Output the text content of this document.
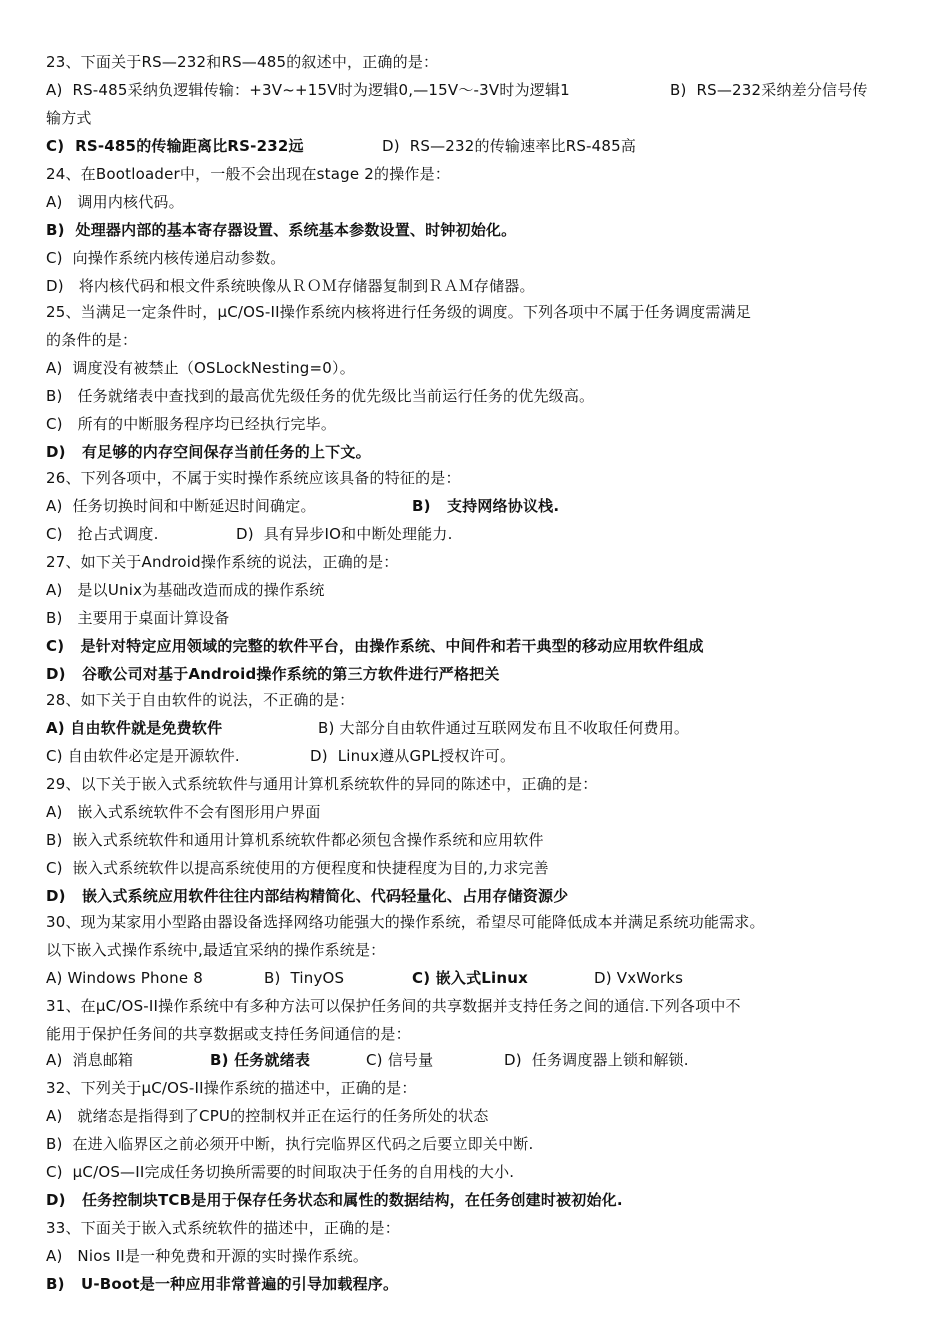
23、下面关于RS—232和RS—485的叙述中，正确的是：

A)  RS-485采纳负逻辑传输：+3V~+15V时为逻辑0,—15V～-3V时为逻辑1

	B)  RS—232采纳差分信号传

输方式

C)  RS-485的传输距离比RS-232远

	D)  RS—232的传输速率比RS-485高

24、在Bootloader中，一般不会出现在stage 2的操作是：
A)   调用内核代码。
B)  处理器内部的基本寄存器设置、系统基本参数设置、时钟初始化。
C)  向操作系统内核传递启动参数。
D)   将内核代码和根文件系统映像从ＲＯＭ存储器复制到ＲＡＭ存储器。
25、当满足一定条件时，μC/OS-II操作系统内核将进行任务级的调度。下列各项中不属于任务调度需满足
的条件的是：
A)  调度没有被禁止（OSLockNesting=0）。
B)   任务就绪表中查找到的最高优先级任务的优先级比当前运行任务的优先级高。
C)   所有的中断服务程序均已经执行完毕。
D)   有足够的内存空间保存当前任务的上下文。
26、下列各项中，不属于实时操作系统应该具备的特征的是：

A)  任务切换时间和中断延迟时间确定。

	B)   支持网络协议栈.

C)   抢占式调度.

	D)  具有异步IO和中断处理能力.

27、如下关于Android操作系统的说法，正确的是：
A)   是以Unix为基础改造而成的操作系统
B)   主要用于桌面计算设备
C)   是针对特定应用领域的完整的软件平台，由操作系统、中间件和若干典型的移动应用软件组成
D)   谷歌公司对基于Android操作系统的第三方软件进行严格把关
28、如下关于自由软件的说法，不正确的是：

A) 自由软件就是免费软件

	B) 大部分自由软件通过互联网发布且不收取任何费用。

C) 自由软件必定是开源软件.

	D)  Linux遵从GPL授权许可。

29、以下关于嵌入式系统软件与通用计算机系统软件的异同的陈述中，正确的是：
A)   嵌入式系统软件不会有图形用户界面
B)  嵌入式系统软件和通用计算机系统软件都必须包含操作系统和应用软件
C)  嵌入式系统软件以提高系统使用的方便程度和快捷程度为目的,力求完善
D)   嵌入式系统应用软件往往内部结构精简化、代码轻量化、占用存储资源少
30、现为某家用小型路由器设备选择网络功能强大的操作系统，希望尽可能降低成本并满足系统功能需求。
以下嵌入式操作系统中,最适宜采纳的操作系统是：

A) Windows Phone 8

	B)  TinyOS

	C) 嵌入式Linux

	D) VxWorks

31、在μC/OS-II操作系统中有多种方法可以保护任务间的共享数据并支持任务之间的通信.下列各项中不
能用于保护任务间的共享数据或支持任务间通信的是：

A)  消息邮箱

	B) 任务就绪表

	C) 信号量

	D)  任务调度器上锁和解锁.

32、下列关于μC/OS-II操作系统的描述中，正确的是：
A)   就绪态是指得到了CPU的控制权并正在运行的任务所处的状态
B)  在进入临界区之前必须开中断，执行完临界区代码之后要立即关中断.
C)  μC/OS—II完成任务切换所需要的时间取决于任务的自用栈的大小.
D)   任务控制块TCB是用于保存任务状态和属性的数据结构，在任务创建时被初始化.
33、下面关于嵌入式系统软件的描述中，正确的是：
A)   Nios II是一种免费和开源的实时操作系统。
B)   U-Boot是一种应用非常普遍的引导加载程序。
